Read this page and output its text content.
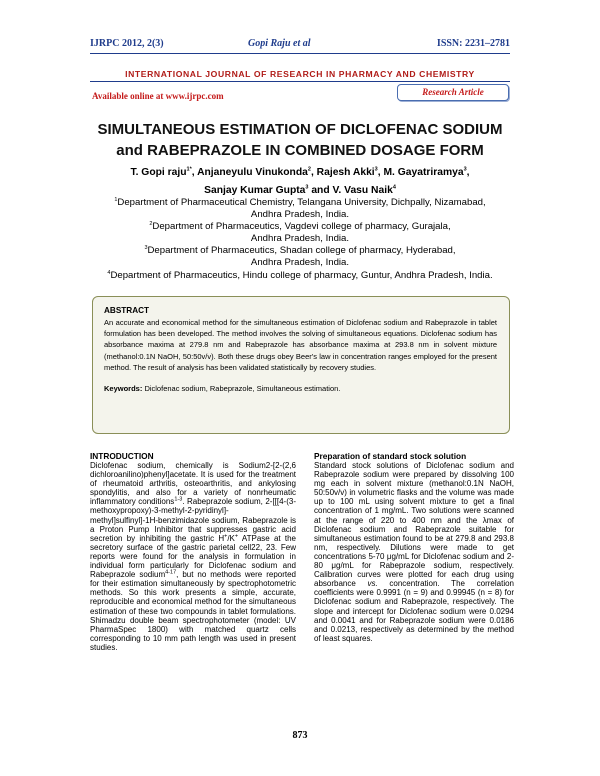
IJRPC 2012, 2(3)	Gopi Raju et al	ISSN: 2231–2781
INTERNATIONAL JOURNAL OF RESEARCH IN PHARMACY AND CHEMISTRY
Available online at www.ijrpc.com	Research Article
SIMULTANEOUS ESTIMATION OF DICLOFENAC SODIUM
and RABEPRAZOLE IN COMBINED DOSAGE FORM
T. Gopi raju$^{1*}$, Anjaneyulu Vinukonda$^2$, Rajesh Akki$^3$, M. Gayatriramya$^3$,
Sanjay Kumar Gupta$^3$ and V. Vasu Naik$^4$
$^1$Department of Pharmaceutical Chemistry, Telangana University, Dichpally, Nizamabad,
Andhra Pradesh, India.
$^2$Department of Pharmaceutics, Vagdevi college of pharmacy, Gurajala,
Andhra Pradesh, India.
$^3$Department of Pharmaceutics, Shadan college of pharmacy, Hyderabad,
Andhra Pradesh, India.
$^4$Department of Pharmaceutics, Hindu college of pharmacy, Guntur, Andhra Pradesh, India.
ABSTRACT
An accurate and economical method for the simultaneous estimation of Diclofenac sodium and Rabeprazole in tablet formulation has been developed. The method involves the solving of simultaneous equations. Diclofenac sodium has absorbance maxima at 279.8 nm and Rabeprazole has absorbance maxima at 293.8 nm in solvent mixture (methanol:0.1N NaOH, 50:50v/v). Both these drugs obey Beer's law in concentration ranges employed for the present method. The result of analysis has been validated statistically by recovery studies.
Keywords: Diclofenac sodium, Rabeprazole, Simultaneous estimation.
INTRODUCTION
Diclofenac sodium, chemically is Sodium2-[2-(2,6 dichloroanilino)phenyl]acetate. It is used for the treatment of rheumatoid arthritis, osteoarthritis, and ankylosing spondylitis, and also for a variety of nonrheumatic inflammatory conditions$^{1-3}$. Rabeprazole sodium, 2-[[[4-(3-methoxypropoxy)-3-methyl-2-pyridinyl]-methyl]sulfinyl]-1H-benzimidazole sodium, Rabeprazole is a Proton Pump Inhibitor that suppresses gastric acid secretion by inhibiting the gastric H+/K+ ATPase at the secretory surface of the gastric parietal cell22, 23. Few reports were found for the analysis in formulation in individual form particularly for Diclofenac sodium and Rabeprazole sodium$^{4-17}$, but no methods were reported for their estimation simultaneously by spectrophotometric methods. So this work presents a simple, accurate, reproducible and economical method for the simultaneous estimation of these two compounds in tablet formulations. Shimadzu double beam spectrophotometer (model: UV PharmaSpec 1800) with matched quartz cells corresponding to 10 mm path length was used in present studies.
Preparation of standard stock solution
Standard stock solutions of Diclofenac sodium and Rabeprazole sodium were prepared by dissolving 100 mg each in solvent mixture (methanol:0.1N NaOH, 50:50v/v) in volumetric flasks and the volume was made up to 100 mL using solvent mixture to get a final concentration of 1 mg/mL. Two solutions were scanned at the range of 220 to 400 nm and the λmax of Diclofenac sodium and Rabeprazole suitable for simultaneous estimation found to be at 279.8 and 293.8 nm, respectively. Dilutions were made to get concentrations 5-70 μg/mL for Diclofenac sodium and 2-80 μg/mL for Rabeprazole sodium, respectively. Calibration curves were plotted for each drug using absorbance vs. concentration. The correlation coefficients were 0.9991 (n = 9) and 0.99945 (n = 8) for Diclofenac sodium and Rabeprazole, respectively. The slope and intercept for Diclofenac sodium were 0.0294 and 0.0041 and for Rabeprazole sodium were 0.0186 and 0.0213, respectively as determined by the method of least squares.
873
